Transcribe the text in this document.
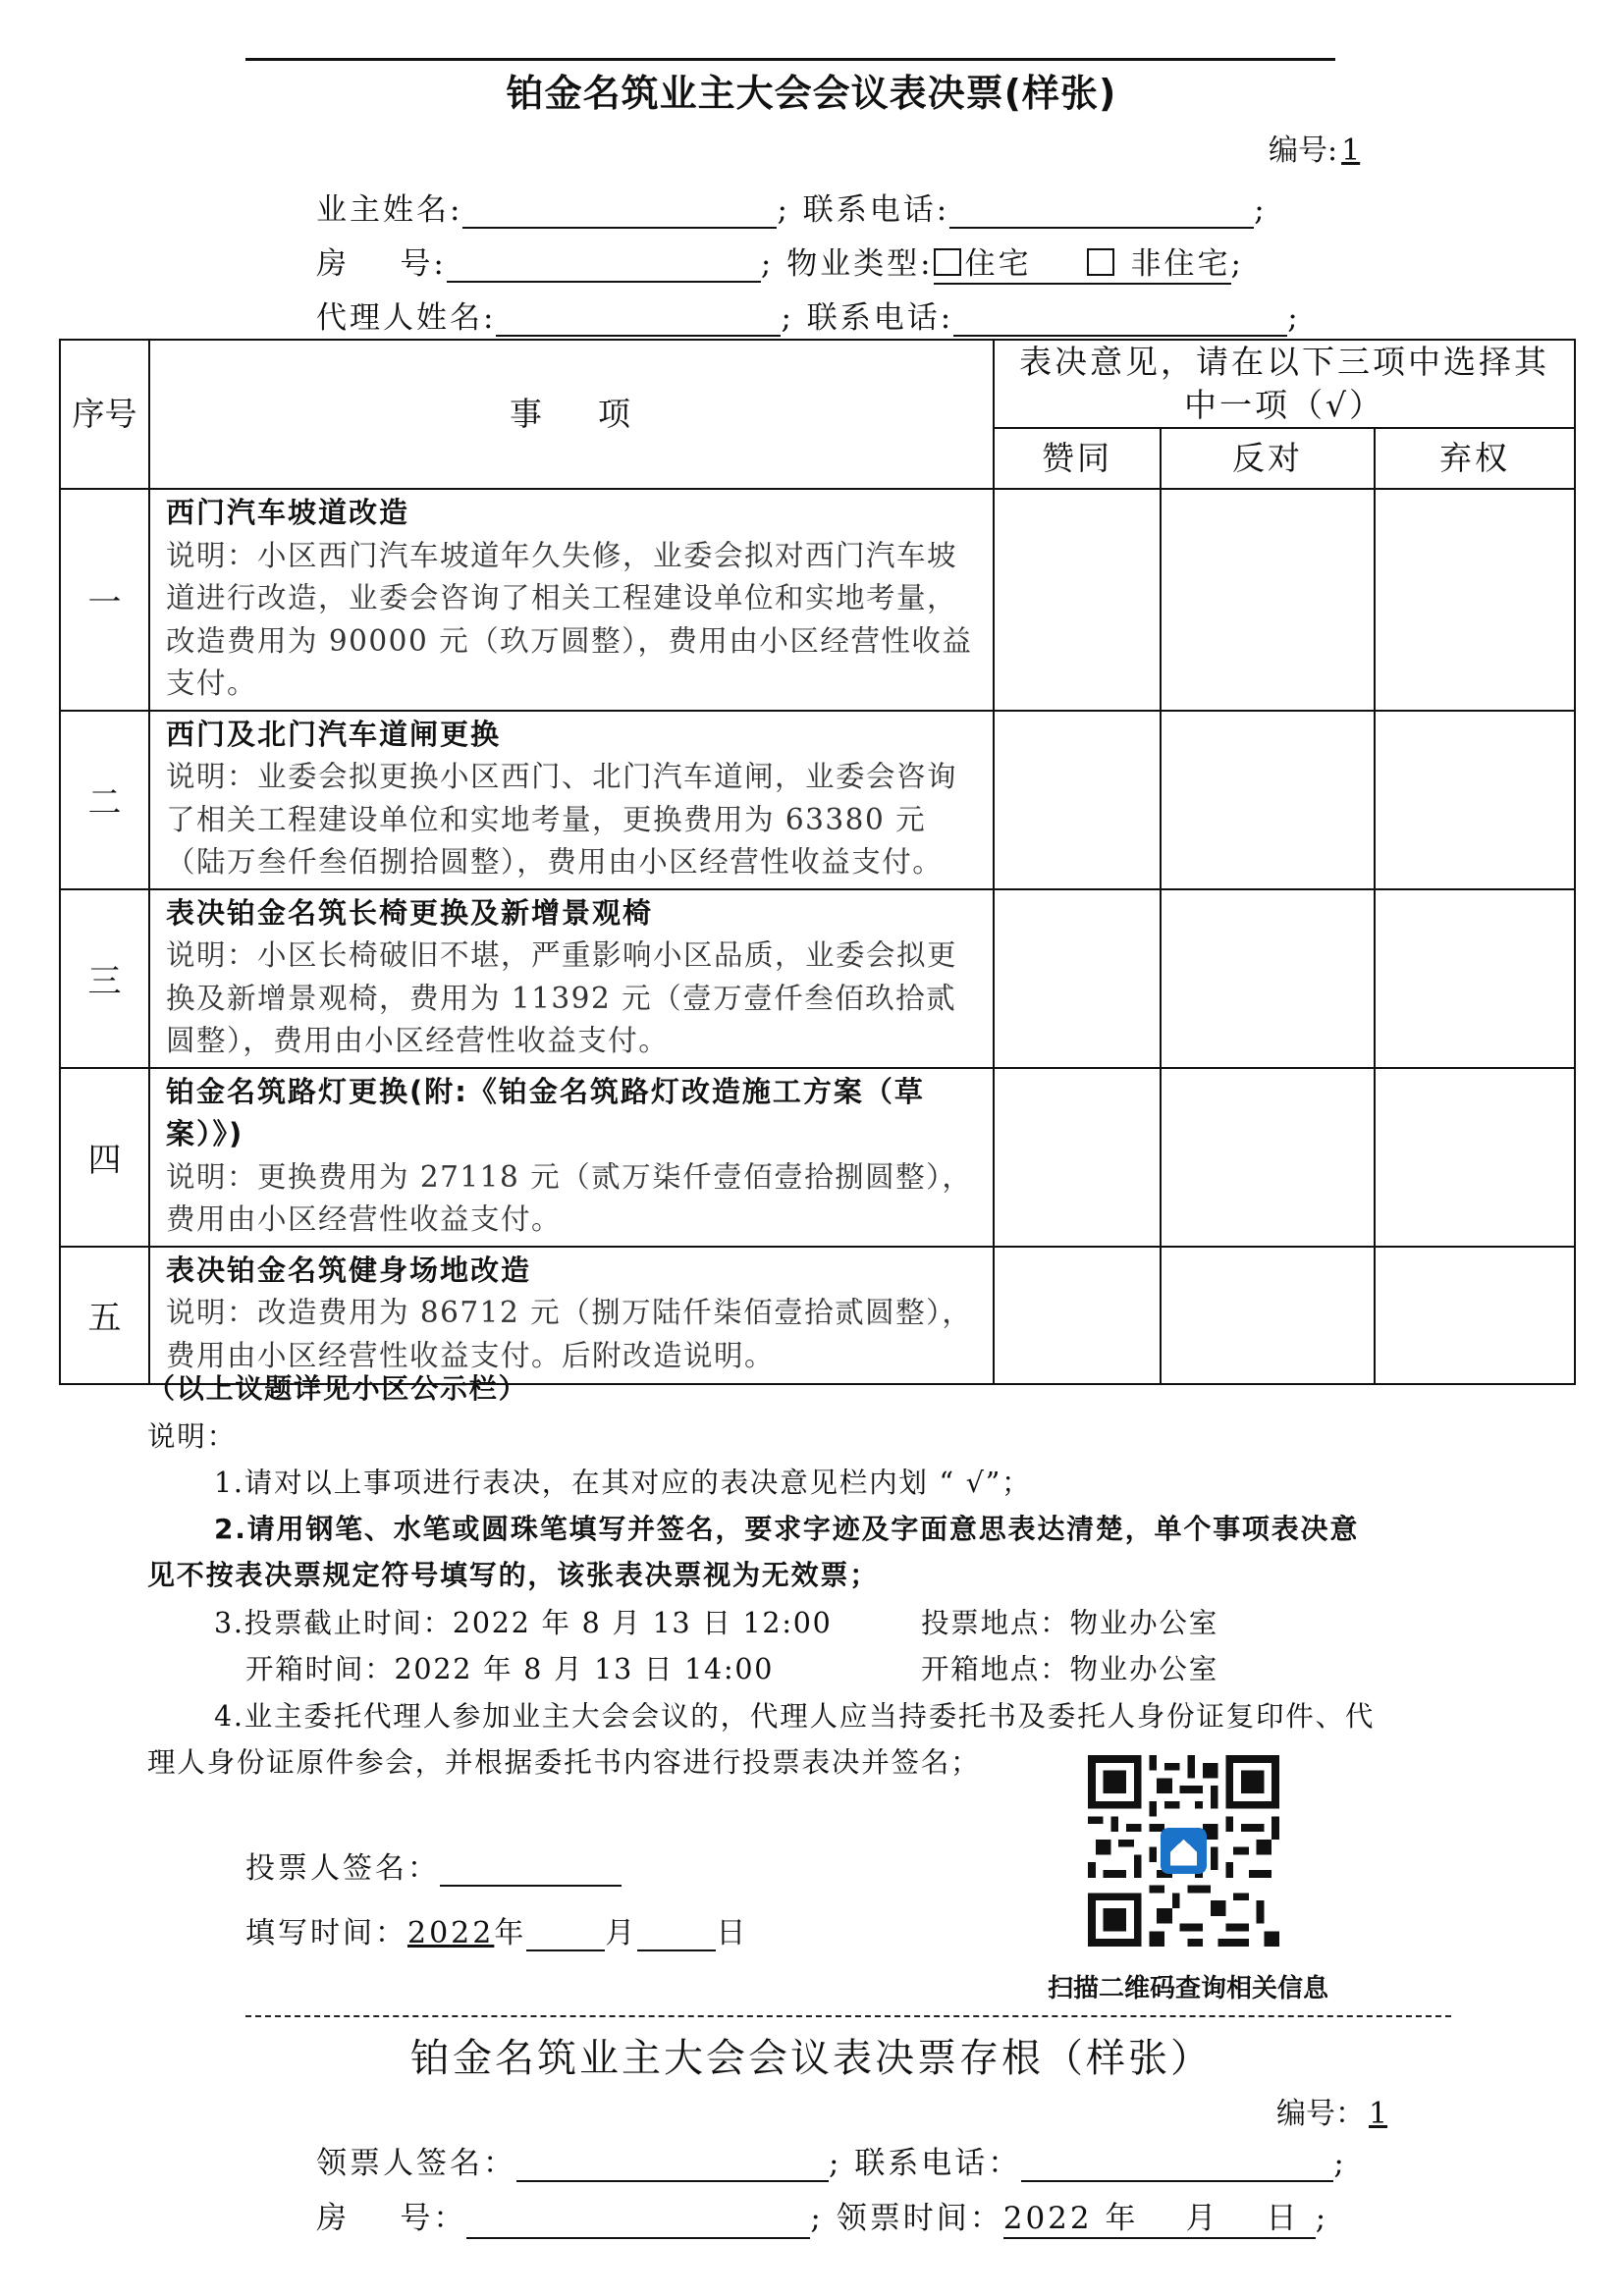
铂金名筑业主大会会议表决票(样张)
编号: 1
业主姓名:	; 联系电话:	;
房    号:	; 物业类型: 住宅	非住宅;
代理人姓名:	; 联系电话:	;
序号	事    项	表决意见，请在以下三项中选择其中一项（√）		
		赞同	反对	弃权
一	西门汽车坡道改造
说明：小区西门汽车坡道年久失修，业委会拟对西门汽车坡道进行改造，业委会咨询了相关工程建设单位和实地考量，改造费用为 90000 元（玖万圆整），费用由小区经营性收益支付。			

二	西门及北门汽车道闸更换
说明：业委会拟更换小区西门、北门汽车道闸，业委会咨询了相关工程建设单位和实地考量，更换费用为 63380 元（陆万叁仟叁佰捌拾圆整），费用由小区经营性收益支付。			

三	表决铂金名筑长椅更换及新增景观椅
说明：小区长椅破旧不堪，严重影响小区品质，业委会拟更换及新增景观椅，费用为 11392 元（壹万壹仟叁佰玖拾贰圆整），费用由小区经营性收益支付。			

四	铂金名筑路灯更换(附:《铂金名筑路灯改造施工方案（草案）》)
说明：更换费用为 27118 元（贰万柒仟壹佰壹拾捌圆整），费用由小区经营性收益支付。			

五	表决铂金名筑健身场地改造
说明：改造费用为 86712 元（捌万陆仟柒佰壹拾贰圆整），费用由小区经营性收益支付。后附改造说明。			

（以上议题详见小区公示栏）
说明：
1.请对以上事项进行表决，在其对应的表决意见栏内划 “ √”；
2.请用钢笔、水笔或圆珠笔填写并签名，要求字迹及字面意思表达清楚，单个事项表决意
见不按表决票规定符号填写的，该张表决票视为无效票；
3.投票截止时间：2022 年 8 月 13 日 12:00	投票地点：物业办公室
开箱时间：2022 年 8 月 13 日 14:00	开箱地点：物业办公室
4.业主委托代理人参加业主大会会议的，代理人应当持委托书及委托人身份证复印件、代
理人身份证原件参会，并根据委托书内容进行投票表决并签名；
投票人签名：
填写时间：2022年	月	日
扫描二维码查询相关信息
铂金名筑业主大会会议表决票存根（样张）
编号： 1
领票人签名：	; 联系电话：	;
房    号：	; 领票时间：2022 年 月 日 ;
